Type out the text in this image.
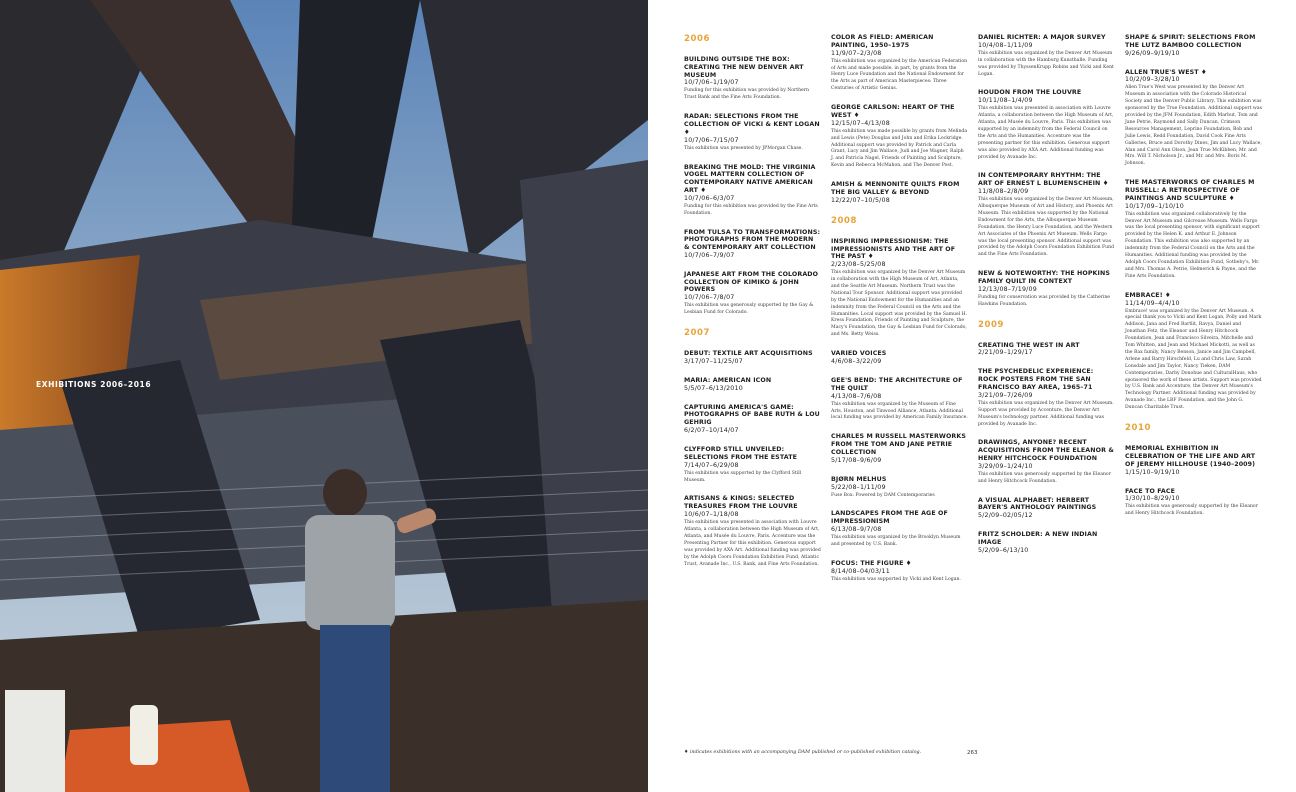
EXHIBITIONS 2006–2016
2006
BUILDING OUTSIDE THE BOX: CREATING THE NEW DENVER ART MUSEUM
10/7/06–1/19/07
Funding for this exhibition was provided by Northern Trust Bank and the Fine Arts Foundation.
RADAR: SELECTIONS FROM THE COLLECTION OF VICKI & KENT LOGAN ♦
10/7/06–7/15/07
This exhibition was presented by JPMorgan Chase.
BREAKING THE MOLD: THE VIRGINIA VOGEL MATTERN COLLECTION OF CONTEMPORARY NATIVE AMERICAN ART ♦
10/7/06–6/3/07
Funding for this exhibition was provided by the Fine Arts Foundation.
FROM TULSA TO TRANSFORMATIONS: PHOTOGRAPHS FROM THE MODERN & CONTEMPORARY ART COLLECTION
10/7/06–7/9/07
JAPANESE ART FROM THE COLORADO COLLECTION OF KIMIKO & JOHN POWERS
10/7/06–7/8/07
This exhibition was generously supported by the Gay & Lesbian Fund for Colorado.
2007
DEBUT: TEXTILE ART ACQUISITIONS
3/17/07–11/25/07
MARIA: AMERICAN ICON
5/5/07–6/13/2010
CAPTURING AMERICA'S GAME: PHOTOGRAPHS OF BABE RUTH & LOU GEHRIG
6/2/07–10/14/07
CLYFFORD STILL UNVEILED: SELECTIONS FROM THE ESTATE
7/14/07–6/29/08
This exhibition was supported by the Clyfford Still Museum.
ARTISANS & KINGS: SELECTED TREASURES FROM THE LOUVRE
10/6/07–1/18/08
This exhibition was presented in association with Louvre Atlanta, a collaboration between the High Museum of Art, Atlanta, and Musée du Louvre, Paris. Accenture was the Presenting Partner for this exhibition. Generous support was provided by AXA Art. Additional funding was provided by the Adolph Coors Foundation Exhibition Fund, Atlantic Trust, Avanade Inc., U.S. Bank, and Fine Arts Foundation.
COLOR AS FIELD: AMERICAN PAINTING, 1950–1975
11/9/07–2/3/08
This exhibition was organized by the American Federation of Arts and made possible, in part, by grants from the Henry Luce Foundation and the National Endowment for the Arts as part of American Masterpieces: Three Centuries of Artistic Genius.
GEORGE CARLSON: HEART OF THE WEST ♦
12/15/07–4/13/08
This exhibition was made possible by grants from Melinda and Lewis (Pete) Douglas and John and Erika Lockridge. Additional support was provided by Patrick and Carla Grant, Lucy and Jim Wallace, Judi and Joe Wagner, Ralph J. and Patricia Nagel, Friends of Painting and Sculpture, Kevin and Rebecca McMahon, and The Denver Post.
AMISH & MENNONITE QUILTS FROM THE BIG VALLEY & BEYOND
12/22/07–10/5/08
2008
INSPIRING IMPRESSIONISM: THE IMPRESSIONISTS AND THE ART OF THE PAST ♦
2/23/08–5/25/08
This exhibition was organized by the Denver Art Museum in collaboration with the High Museum of Art, Atlanta, and the Seattle Art Museum. Northern Trust was the National Tour Sponsor. Additional support was provided by the National Endowment for the Humanities and an indemnity from the Federal Council on the Arts and the Humanities. Local support was provided by the Samuel H. Kress Foundation, Friends of Painting and Sculpture, the Macy's Foundation, the Gay & Lesbian Fund for Colorado, and Ms. Betty Weiss.
VARIED VOICES
4/6/08–3/22/09
GEE'S BEND: THE ARCHITECTURE OF THE QUILT
4/13/08–7/6/08
This exhibition was organized by the Museum of Fine Arts, Houston, and Tinwood Alliance, Atlanta. Additional local funding was provided by American Family Insurance.
CHARLES M RUSSELL MASTERWORKS FROM THE TOM AND JANE PETRIE COLLECTION
5/17/08–9/6/09
BJØRN MELHUS
5/22/08–1/11/09
Fuse Box: Powered by DAM Contemporaries
LANDSCAPES FROM THE AGE OF IMPRESSIONISM
6/13/08–9/7/08
This exhibition was organized by the Brooklyn Museum and presented by U.S. Bank.
FOCUS: THE FIGURE ♦
8/14/08–04/03/11
This exhibition was supported by Vicki and Kent Logan.
DANIEL RICHTER: A MAJOR SURVEY
10/4/08–1/11/09
This exhibition was organized by the Denver Art Museum in collaboration with the Hamburg Kunsthalle. Funding was provided by ThyssenKrupp Robins and Vicki and Kent Logan.
HOUDON FROM THE LOUVRE
10/11/08–1/4/09
This exhibition was presented in association with Louvre Atlanta, a collaboration between the High Museum of Art, Atlanta, and Musée du Louvre, Paris. This exhibition was supported by an indemnity from the Federal Council on the Arts and the Humanities. Accenture was the presenting partner for this exhibition. Generous support was also provided by AXA Art. Additional funding was provided by Avanade Inc.
IN CONTEMPORARY RHYTHM: THE ART OF ERNEST L BLUMENSCHEIN ♦
11/8/08–2/8/09
This exhibition was organized by the Denver Art Museum, Albuquerque Museum of Art and History, and Phoenix Art Museum. This exhibition was supported by the National Endowment for the Arts, the Albuquerque Museum Foundation, the Henry Luce Foundation, and the Western Art Associates of the Phoenix Art Museum. Wells Fargo was the local presenting sponsor. Additional support was provided by the Adolph Coors Foundation Exhibition Fund and the Fine Arts Foundation.
NEW & NOTEWORTHY: THE HOPKINS FAMILY QUILT IN CONTEXT
12/13/08–7/19/09
Funding for conservation was provided by the Catherine Hawkins Foundation.
2009
CREATING THE WEST IN ART
2/21/09–1/29/17
THE PSYCHEDELIC EXPERIENCE: ROCK POSTERS FROM THE SAN FRANCISCO BAY AREA, 1965–71
3/21/09–7/26/09
This exhibition was organized by the Denver Art Museum. Support was provided by Accenture, the Denver Art Museum's technology partner. Additional funding was provided by Avanade Inc.
DRAWINGS, ANYONE? RECENT ACQUISITIONS FROM THE ELEANOR & HENRY HITCHCOCK FOUNDATION
3/29/09–1/24/10
This exhibition was generously supported by the Eleanor and Henry Hitchcock Foundation.
A VISUAL ALPHABET: HERBERT BAYER'S ANTHOLOGY PAINTINGS
5/2/09–02/05/12
FRITZ SCHOLDER: A NEW INDIAN IMAGE
5/2/09–6/13/10
SHAPE & SPIRIT: SELECTIONS FROM THE LUTZ BAMBOO COLLECTION
9/26/09–9/19/10
ALLEN TRUE'S WEST ♦
10/2/09–3/28/10
Allen True's West was presented by the Denver Art Museum in association with the Colorado Historical Society and the Denver Public Library. This exhibition was sponsored by the True Foundation. Additional support was provided by the JFM Foundation, Edith Marbut, Tom and Jane Petrie, Raymond and Sally Duncan, Crimson Resources Management, Leprino Foundation, Bob and Julie Lewis, Redd Foundation, David Cook Fine Arts Galleries, Bruce and Dorothy Dines, Jim and Lucy Wallace, Alan and Carol Ann Olson, Jean True McKibben, Mr. and Mrs. Will T. Nicholson Jr., and Mr. and Mrs. Boris M. Johnson.
THE MASTERWORKS OF CHARLES M RUSSELL: A RETROSPECTIVE OF PAINTINGS AND SCULPTURE ♦
10/17/09–1/10/10
This exhibition was organized collaboratively by the Denver Art Museum and Gilcrease Museum. Wells Fargo was the local presenting sponsor, with significant support provided by the Helen K. and Arthur E. Johnson Foundation. This exhibition was also supported by an indemnity from the Federal Council on the Arts and the Humanities. Additional funding was provided by the Adolph Coors Foundation Exhibition Fund, Sotheby's, Mr. and Mrs. Thomas A. Petrie, Helmerich & Payne, and the Fine Arts Foundation.
EMBRACE! ♦
11/14/09–4/4/10
Embrace! was organized by the Denver Art Museum. A special thank you to Vicki and Kent Logan, Polly and Mark Addison, Jana and Fred Bartlit, Ravya, Daniel and Jonathan Fetz, the Eleanor and Henry Hitchcock Foundation, Jean and Francisco Silveira, Mitchelle and Tom Whitten, and Jean and Michael Mickotti, as well as the Bax family, Nancy Benson, Janice and Jim Campbell, Arlene and Barry Hirschfeld, Lu and Chris Law, Sarah Lonsdale and Jim Taylor, Nancy Tieken, DAM Contemporaries, Darby Donohue and CulturalHaus, who sponsored the work of these artists. Support was provided by U.S. Bank and Accenture, the Denver Art Museum's Technology Partner. Additional funding was provided by Avanade Inc., the LBF Foundation, and the John G. Duncan Charitable Trust.
2010
MEMORIAL EXHIBITION IN CELEBRATION OF THE LIFE AND ART OF JEREMY HILLHOUSE (1940–2009)
1/15/10–9/19/10
FACE TO FACE
1/30/10–8/29/10
This exhibition was generously supported by the Eleanor and Henry Hitchcock Foundation.
♦ indicates exhibitions with an accompanying DAM published or co-published exhibition catalog.	263
